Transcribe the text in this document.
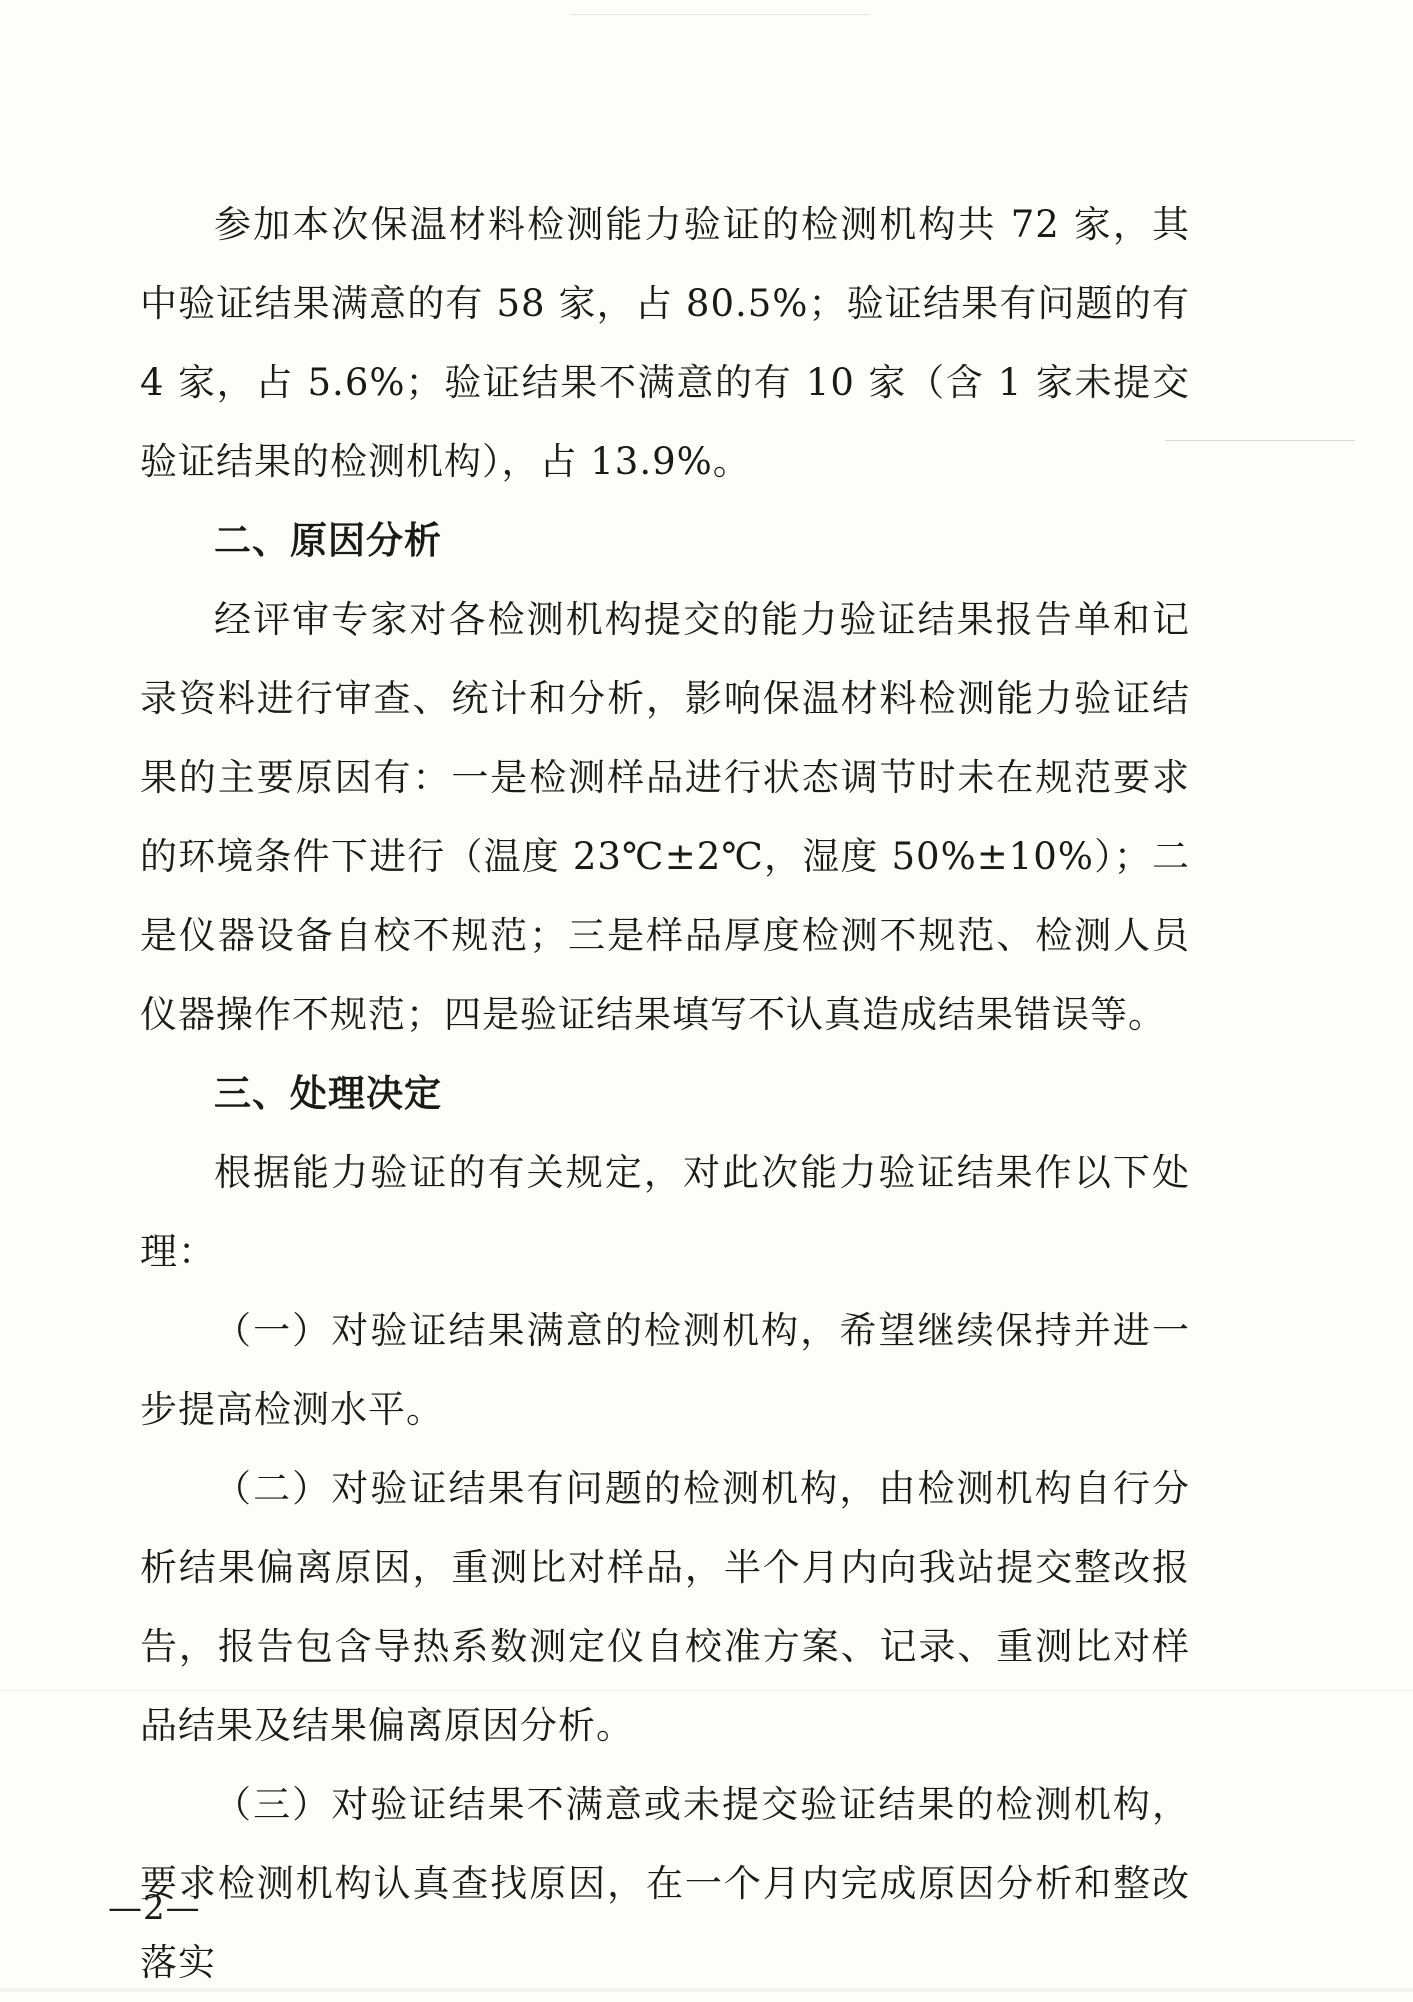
参加本次保温材料检测能力验证的检测机构共 72 家，其中验证结果满意的有 58 家，占 80.5%；验证结果有问题的有 4 家，占 5.6%；验证结果不满意的有 10 家（含 1 家未提交验证结果的检测机构），占 13.9%。

二、原因分析

经评审专家对各检测机构提交的能力验证结果报告单和记录资料进行审查、统计和分析，影响保温材料检测能力验证结果的主要原因有：一是检测样品进行状态调节时未在规范要求的环境条件下进行（温度 23℃±2℃，湿度 50%±10%）；二是仪器设备自校不规范；三是样品厚度检测不规范、检测人员仪器操作不规范；四是验证结果填写不认真造成结果错误等。

三、处理决定

根据能力验证的有关规定，对此次能力验证结果作以下处理：

（一）对验证结果满意的检测机构，希望继续保持并进一步提高检测水平。

（二）对验证结果有问题的检测机构，由检测机构自行分析结果偏离原因，重测比对样品，半个月内向我站提交整改报告，报告包含导热系数测定仪自校准方案、记录、重测比对样品结果及结果偏离原因分析。

（三）对验证结果不满意或未提交验证结果的检测机构，要求检测机构认真查找原因，在一个月内完成原因分析和整改落实

—2—
